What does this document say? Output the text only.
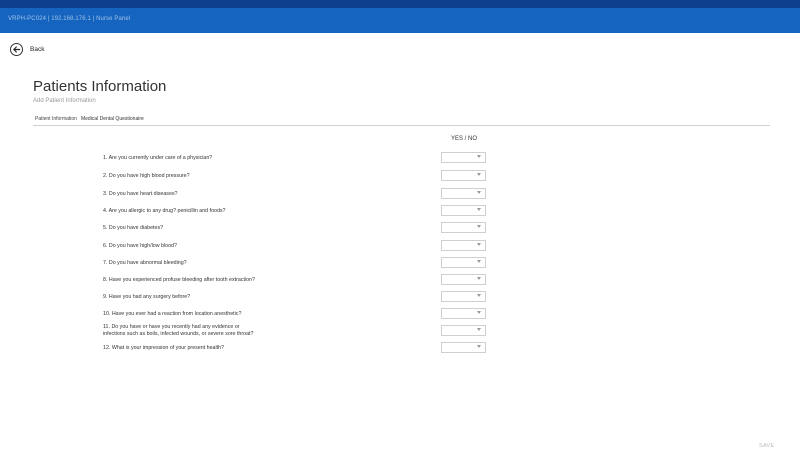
VRPH-PC024 | 192.168.176.1 | Nurse Panel
Back
Patients Information
Add Patient Information
Patient Information Medical Dental Questionaire
YES / NO
1. Are you currently under care of a physician?
2. Do you have high blood pressure?
3. Do you have heart diseases?
4. Are you allergic to any drug? penicillin and foods?
5. Do you have diabetes?
6. Do you have high/low blood?
7. Do you have abnormal bleeding?
8. Have you experienced profuse bleeding after tooth extraction?
9. Have you had any surgery before?
10. Have you ever had a reaction from location anesthetic?
11. Do you have or have you recently had any evidence or
infections such as boils, infected wounds, or severe sore throat?
12. What is your impression of your present health?
SAVE
